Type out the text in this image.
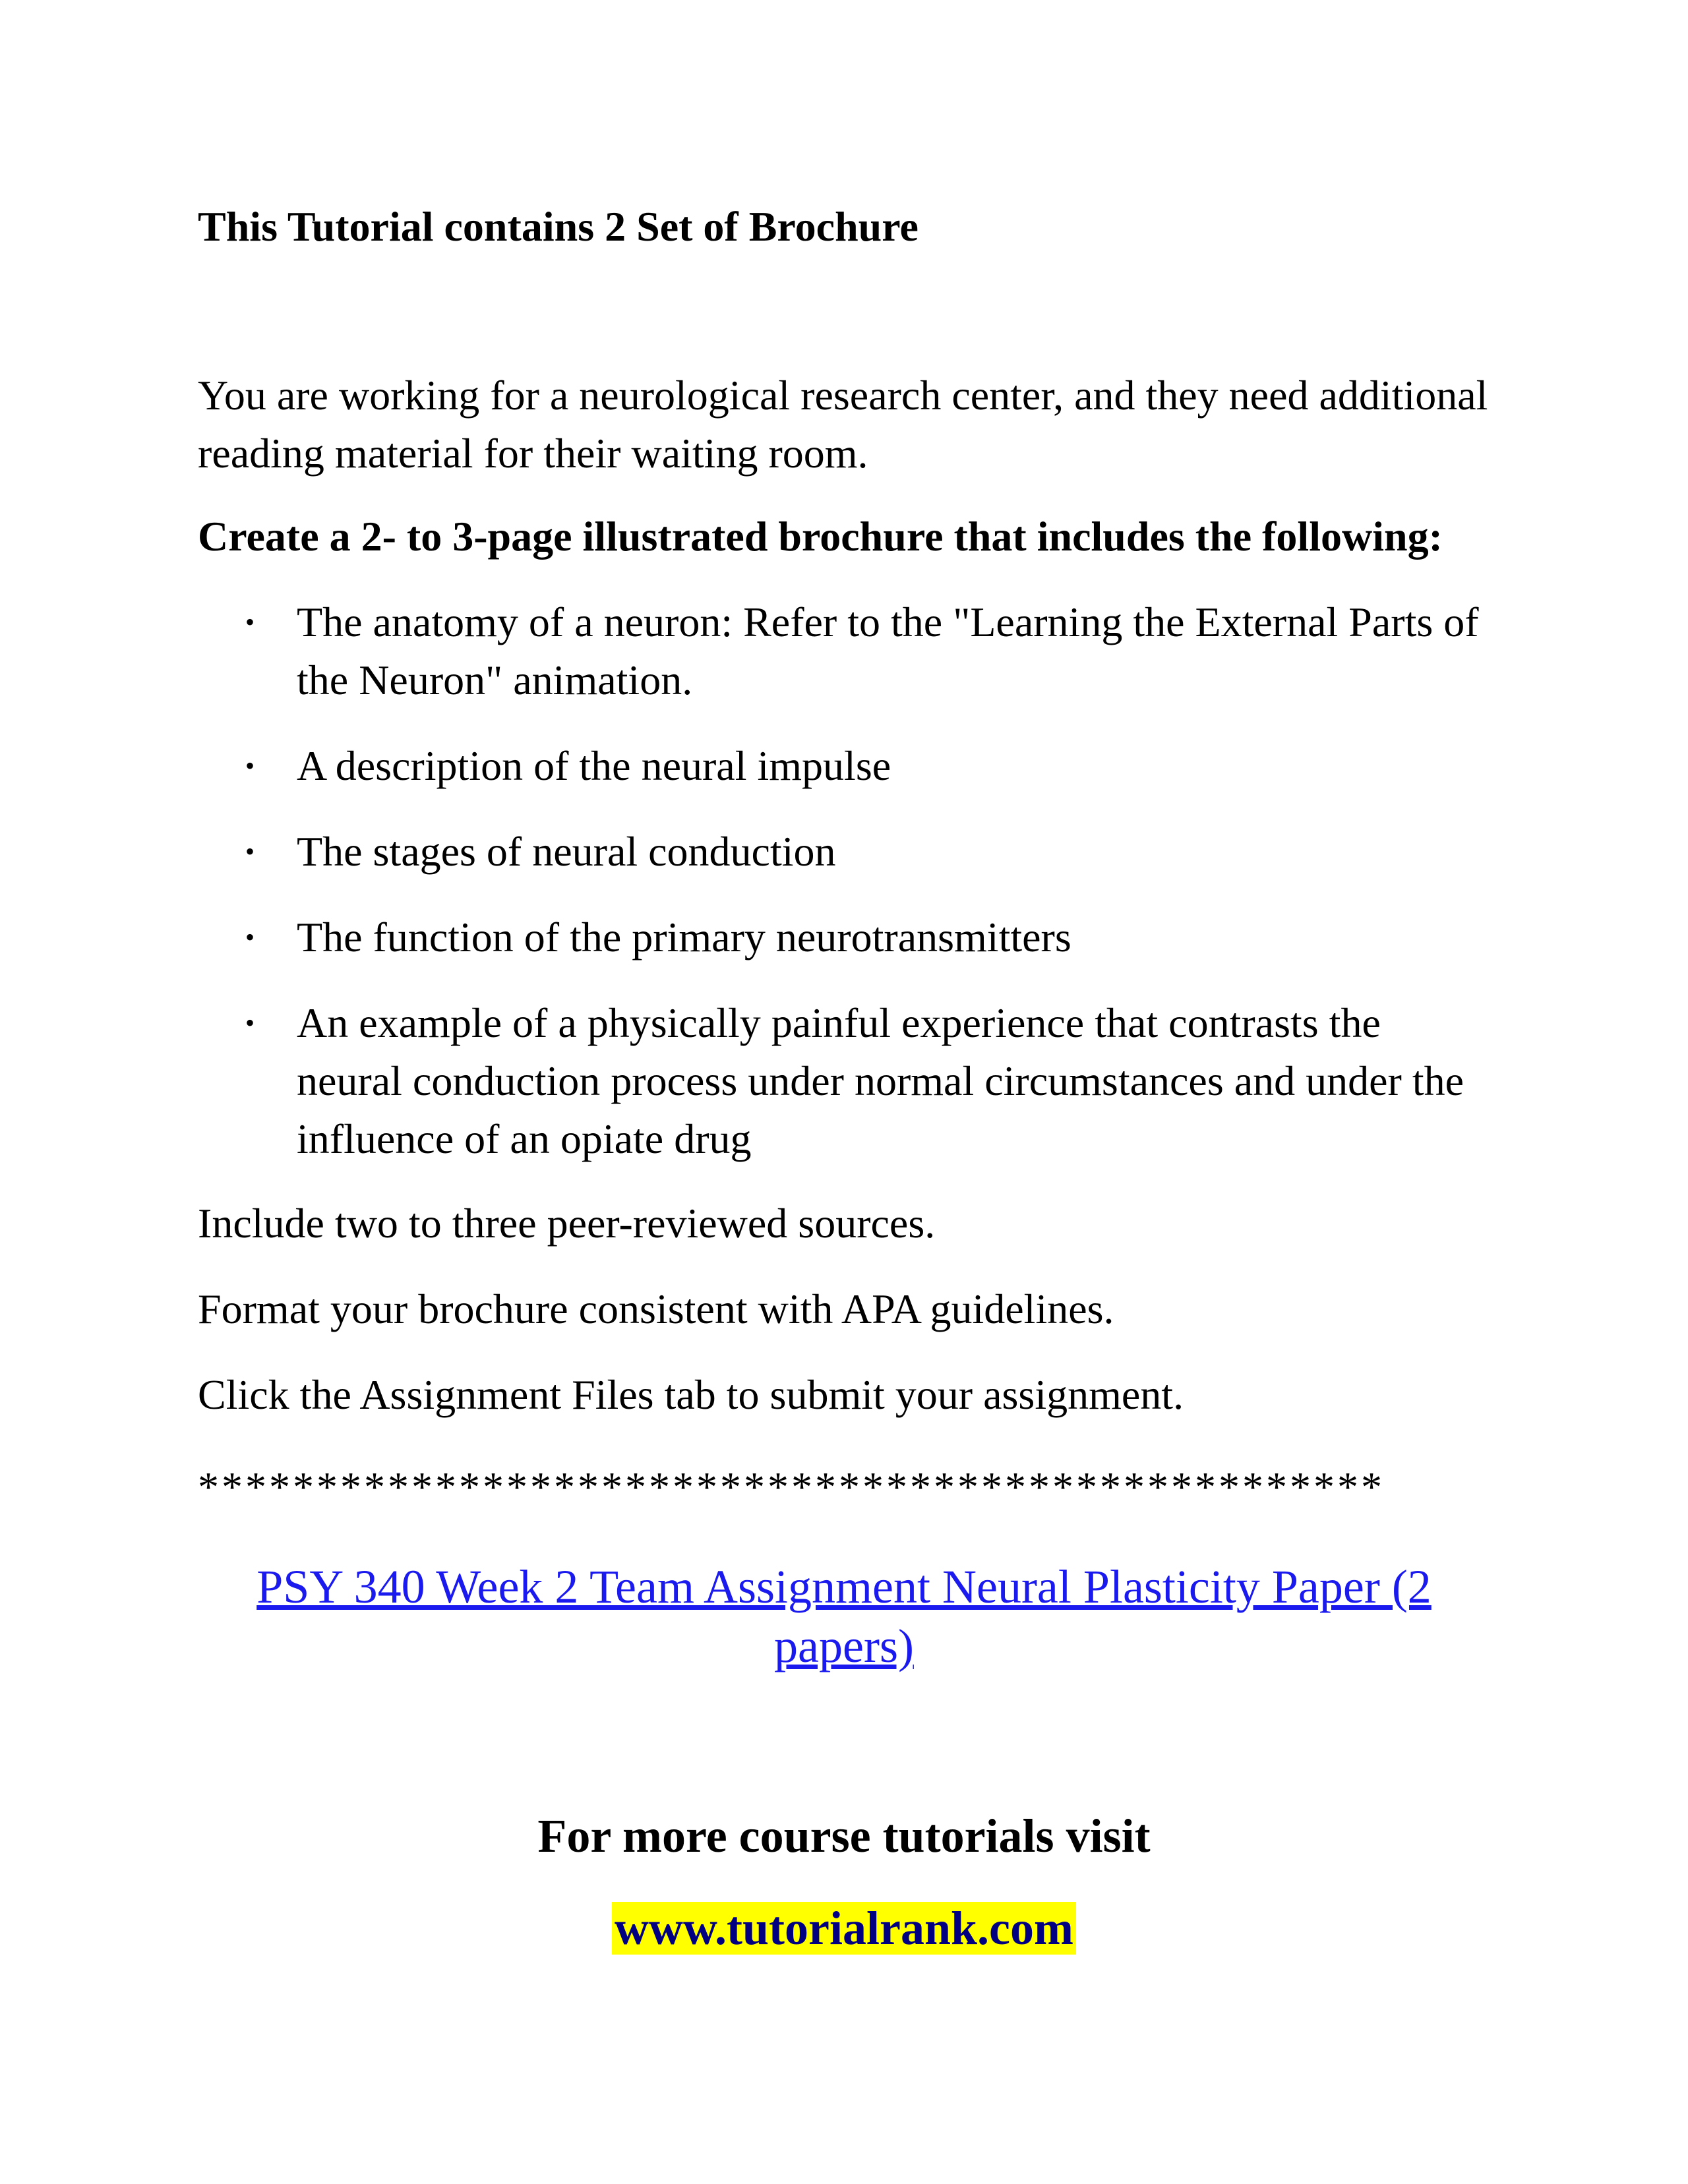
This Tutorial contains 2 Set of Brochure

You are working for a neurological research center, and they need additional reading material for their waiting room.

Create a 2- to 3-page illustrated brochure that includes the following:

• The anatomy of a neuron: Refer to the "Learning the External Parts of the Neuron" animation.
• A description of the neural impulse
• The stages of neural conduction
• The function of the primary neurotransmitters
• An example of a physically painful experience that contrasts the neural conduction process under normal circumstances and under the influence of an opiate drug

Include two to three peer-reviewed sources.

Format your brochure consistent with APA guidelines.

Click the Assignment Files tab to submit your assignment.

**************************************************

PSY 340 Week 2 Team Assignment Neural Plasticity Paper (2 papers)
For more course tutorials visit
www.tutorialrank.com
